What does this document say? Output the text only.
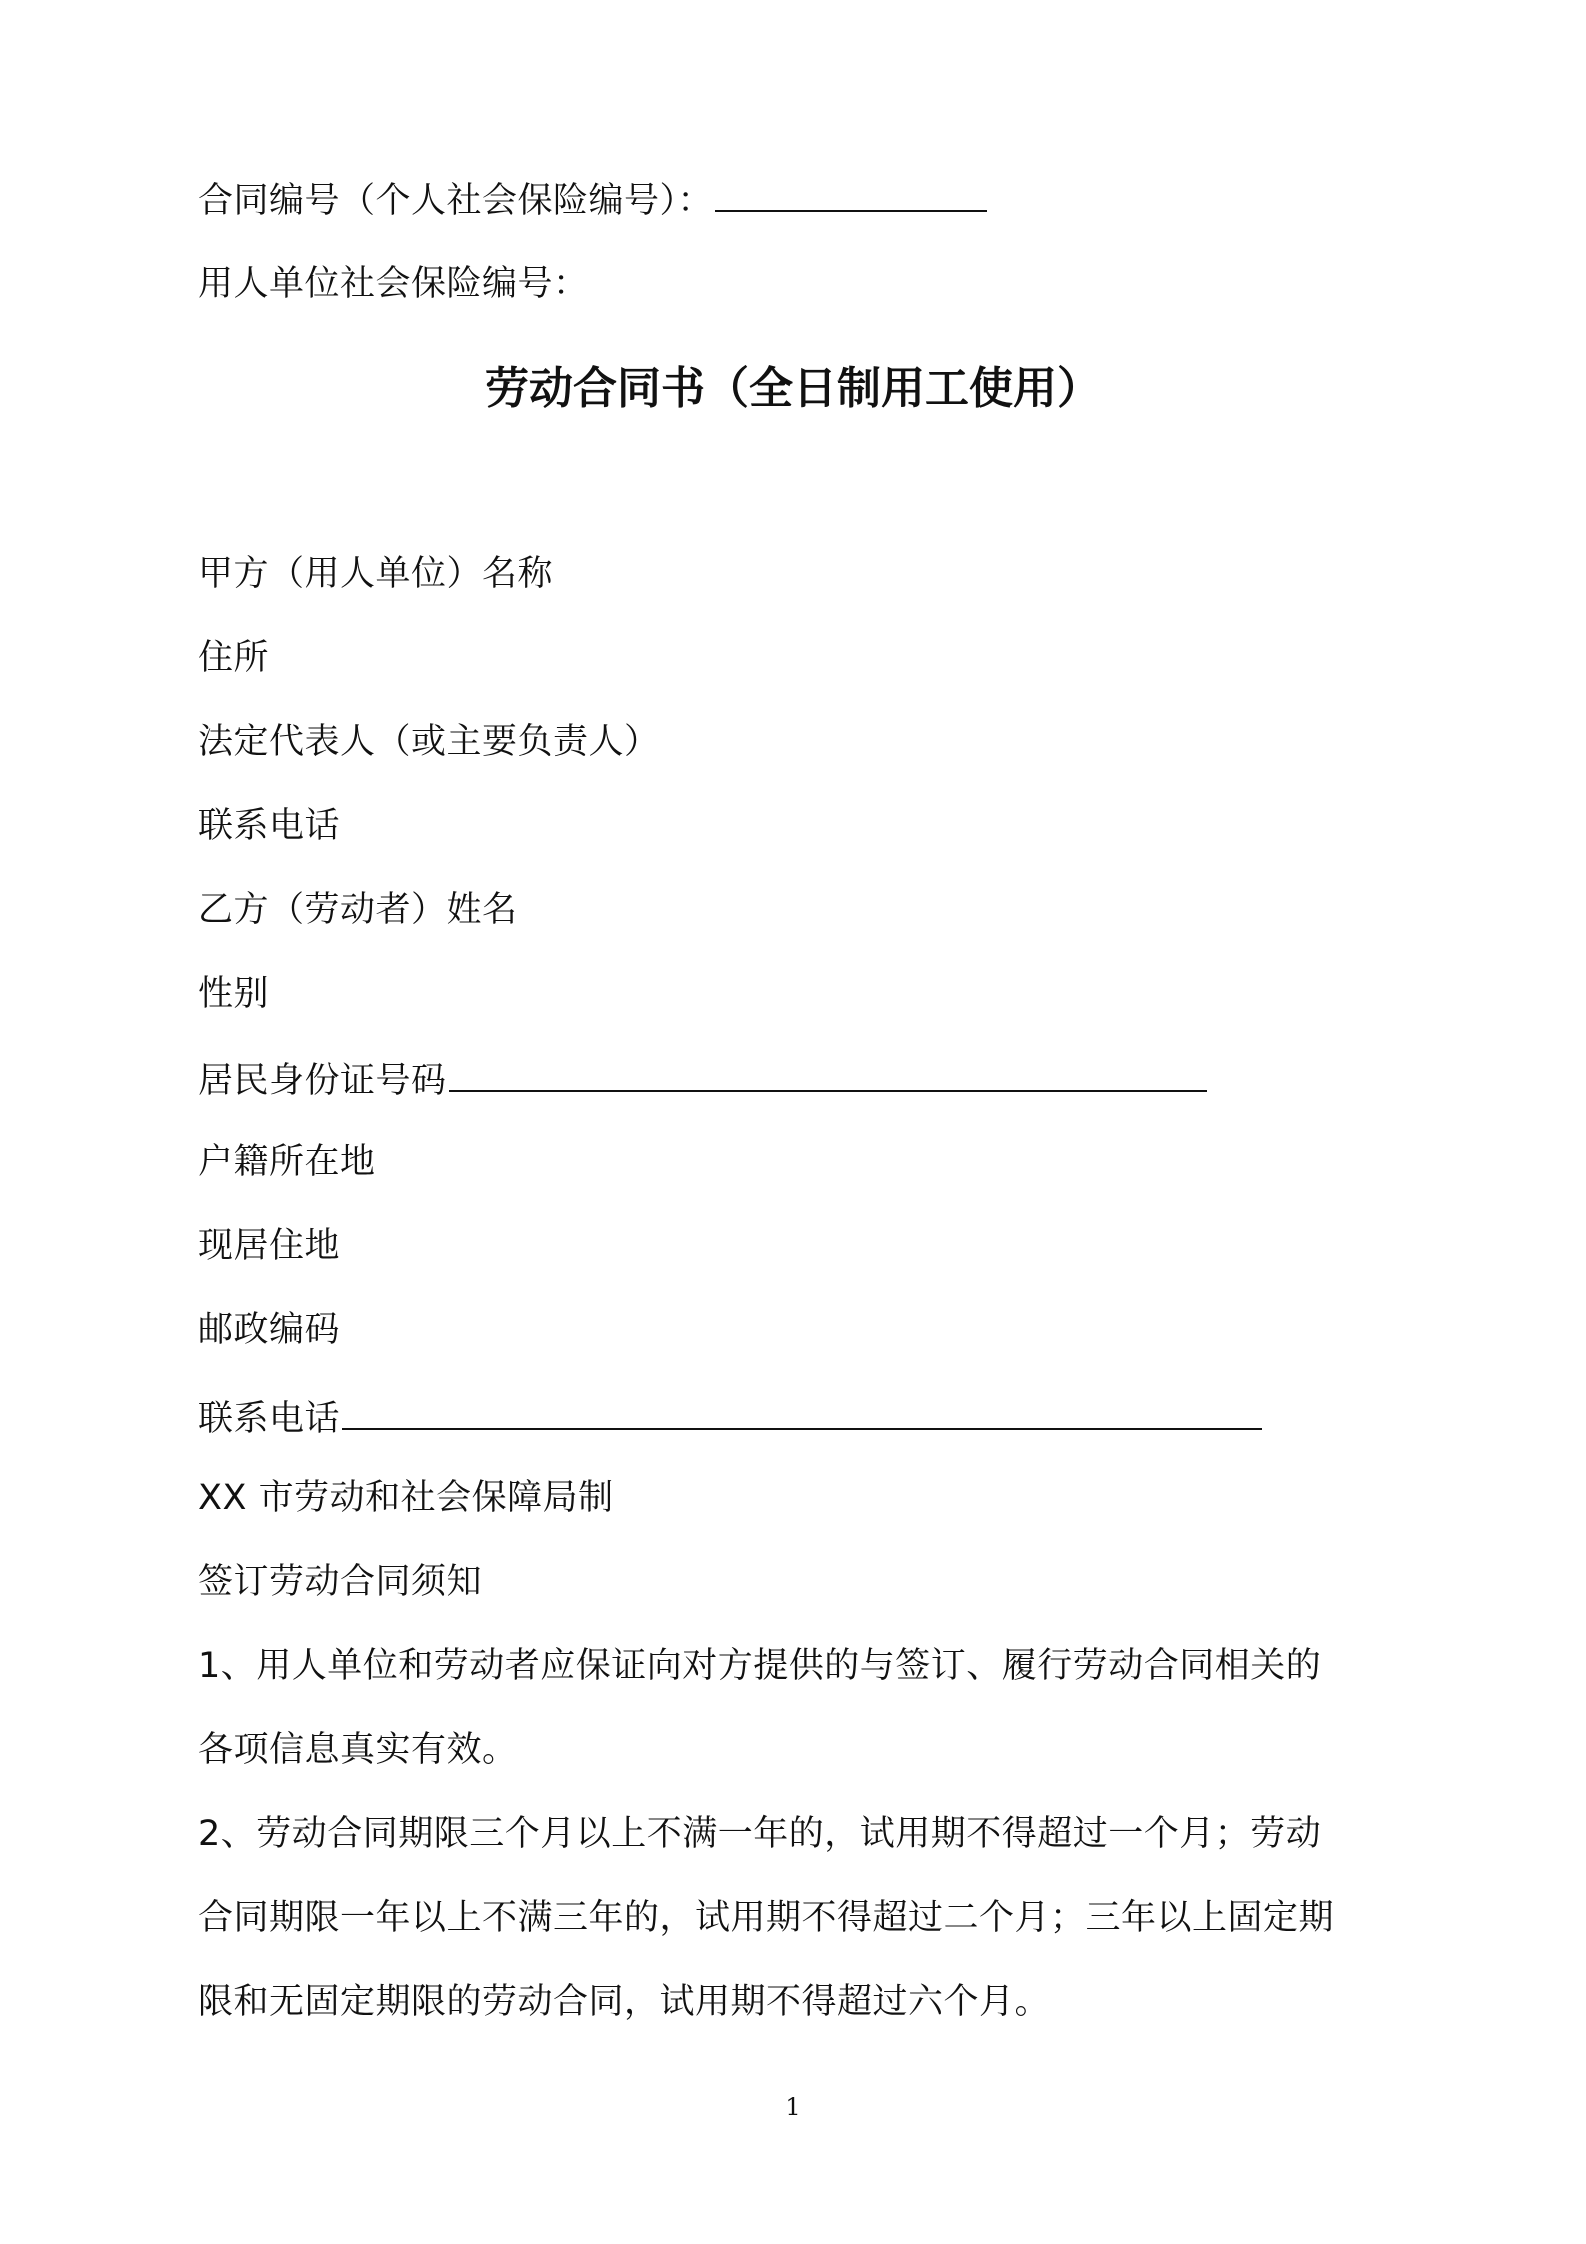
合同编号（个人社会保险编号）：
用人单位社会保险编号：
劳动合同书（全日制用工使用）
甲方（用人单位）名称
住所
法定代表人（或主要负责人）
联系电话
乙方（劳动者）姓名
性别
居民身份证号码
户籍所在地
现居住地
邮政编码
联系电话
XX 市劳动和社会保障局制
签订劳动合同须知
1、用人单位和劳动者应保证向对方提供的与签订、履行劳动合同相关的
各项信息真实有效。
2、劳动合同期限三个月以上不满一年的，试用期不得超过一个月；劳动
合同期限一年以上不满三年的，试用期不得超过二个月；三年以上固定期
限和无固定期限的劳动合同，试用期不得超过六个月。
1
